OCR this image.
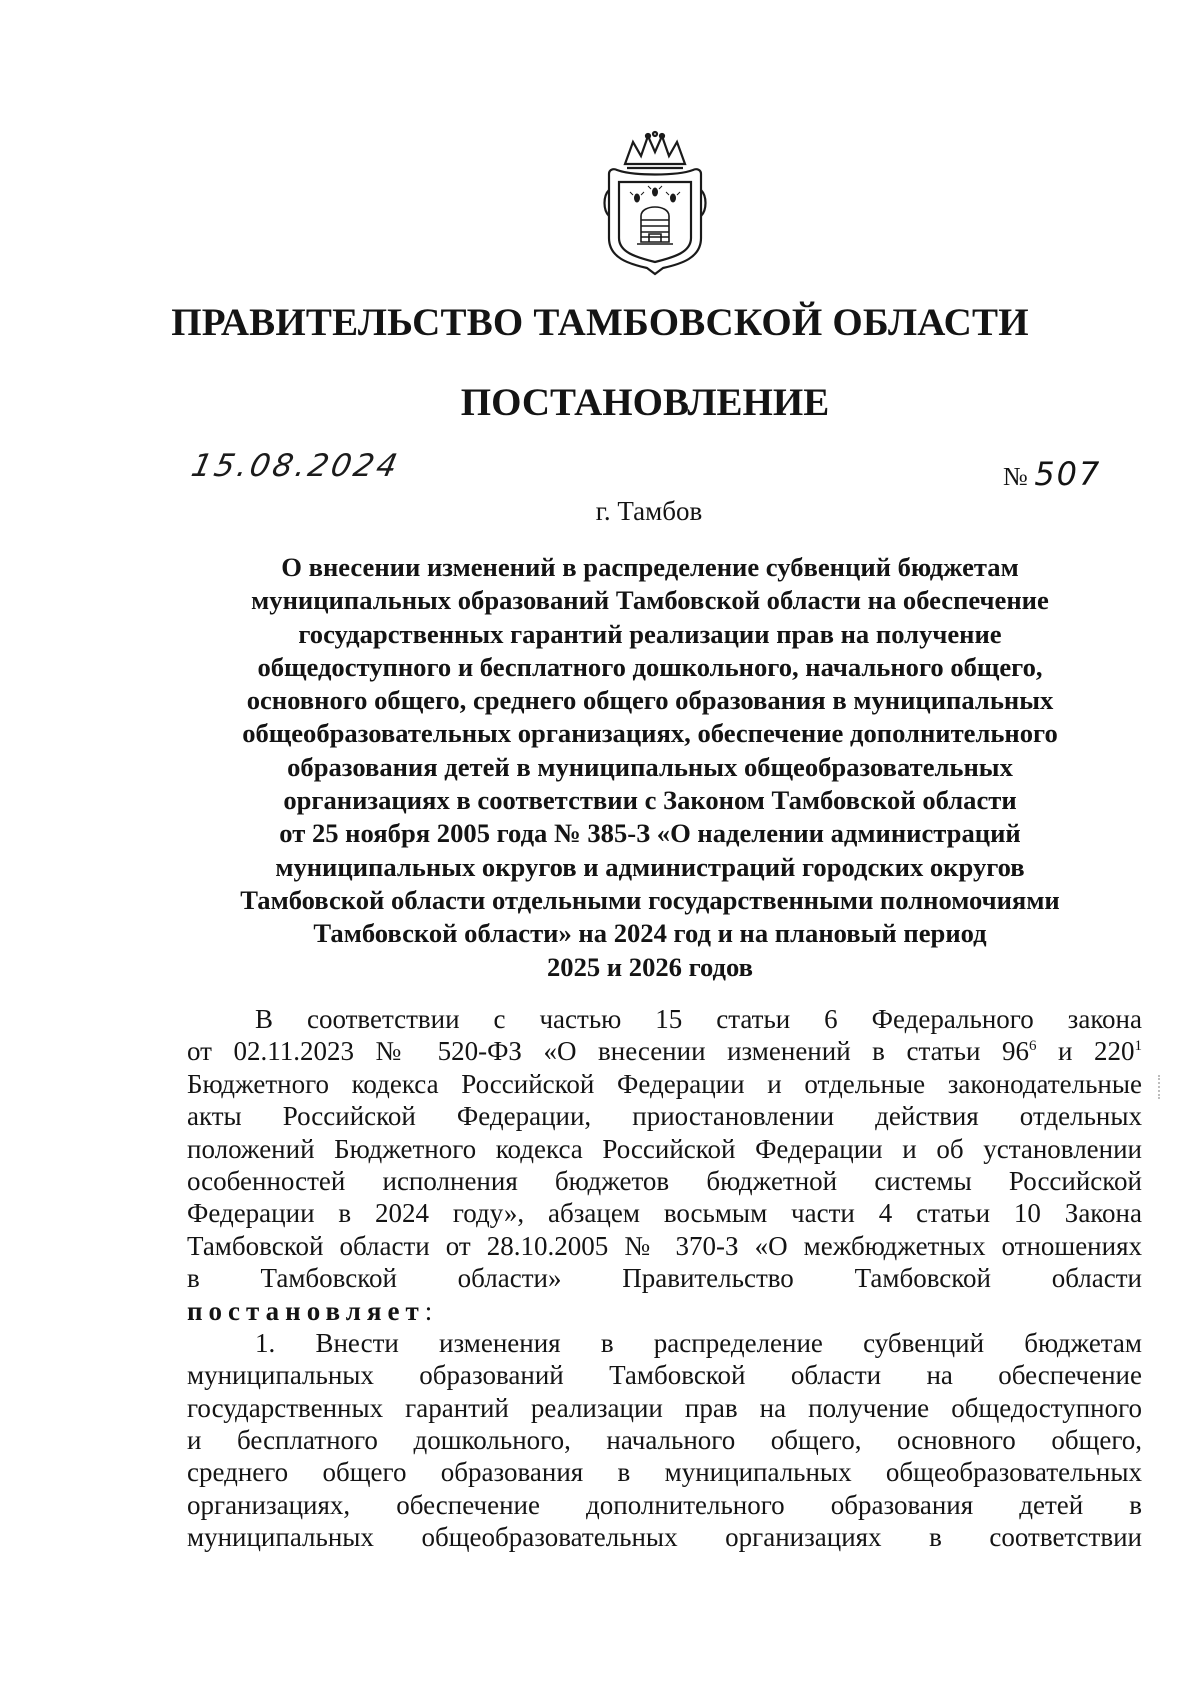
ПРАВИТЕЛЬСТВО ТАМБОВСКОЙ ОБЛАСТИ
ПОСТАНОВЛЕНИЕ
15.08.2024	№ 507
г. Тамбов
О внесении изменений в распределение субвенций бюджетам
муниципальных образований Тамбовской области на обеспечение
государственных гарантий реализации прав на получение
общедоступного и бесплатного дошкольного, начального общего,
основного общего, среднего общего образования в муниципальных
общеобразовательных организациях, обеспечение дополнительного
образования детей в муниципальных общеобразовательных
организациях в соответствии с Законом Тамбовской области
от 25 ноября 2005 года № 385-З «О наделении администраций
муниципальных округов и администраций городских округов
Тамбовской области отдельными государственными полномочиями
Тамбовской области» на 2024 год и на плановый период
2025 и 2026 годов
В соответствии с частью 15 статьи 6 Федерального закона
от 02.11.2023 № 520-ФЗ «О внесении изменений в статьи $96^6$ и $220^1$
Бюджетного кодекса Российской Федерации и отдельные законодательные
акты Российской Федерации, приостановлении действия отдельных
положений Бюджетного кодекса Российской Федерации и об установлении
особенностей исполнения бюджетов бюджетной системы Российской
Федерации в 2024 году», абзацем восьмым части 4 статьи 10 Закона
Тамбовской области от 28.10.2005 № 370-З «О межбюджетных отношениях
в Тамбовской области» Правительство Тамбовской области
постановляет:
1. Внести изменения в распределение субвенций бюджетам
муниципальных образований Тамбовской области на обеспечение
государственных гарантий реализации прав на получение общедоступного
и бесплатного дошкольного, начального общего, основного общего,
среднего общего образования в муниципальных общеобразовательных
организациях, обеспечение дополнительного образования детей в
муниципальных общеобразовательных организациях в соответствии
